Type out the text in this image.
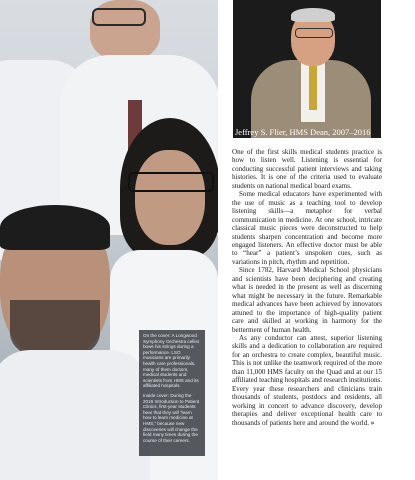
On the cover: A Longwood Symphony Orchestra cellist bows his strings during a performance. LSO musicians are primarily health care professionals, many of them doctors, medical students and scientists from HMS and its affiliated hospitals.

Inside cover: During the 2016 Introduction to Patient Clinics, first-year students hear that they will “learn how to learn medicine at HMS,” because new discoveries will change the field many times during the course of their careers.

Jeffrey S. Flier, HMS Dean, 2007–2016

One of the first skills medical students practice is how to listen well. Listening is essential for conducting successful patient interviews and taking histories. It is one of the criteria used to evaluate students on national medical board exams.

Some medical educators have experimented with the use of music as a teaching tool to develop listening skills—a metaphor for verbal communication in medicine. At one school, intricate classical music pieces were deconstructed to help students sharpen concentration and become more engaged listeners. An effective doctor must be able to “hear” a patient’s unspoken cues, such as variations in pitch, rhythm and repetition.

Since 1782, Harvard Medical School physicians and scientists have been deciphering and creating what is needed in the present as well as discerning what might be necessary in the future. Remarkable medical advances have been achieved by innovators attuned to the importance of high-quality patient care and skilled at working in harmony for the betterment of human health.

As any conductor can attest, superior listening skills and a dedication to collaboration are required for an orchestra to create complex, beautiful music. This is not unlike the teamwork required of the more than 11,000 HMS faculty on the Quad and at our 15 affiliated teaching hospitals and research institutions. Every year these researchers and clinicians train thousands of students, postdocs and residents, all working in concert to advance discovery, develop therapies and deliver exceptional health care to thousands of patients here and around the world. »
